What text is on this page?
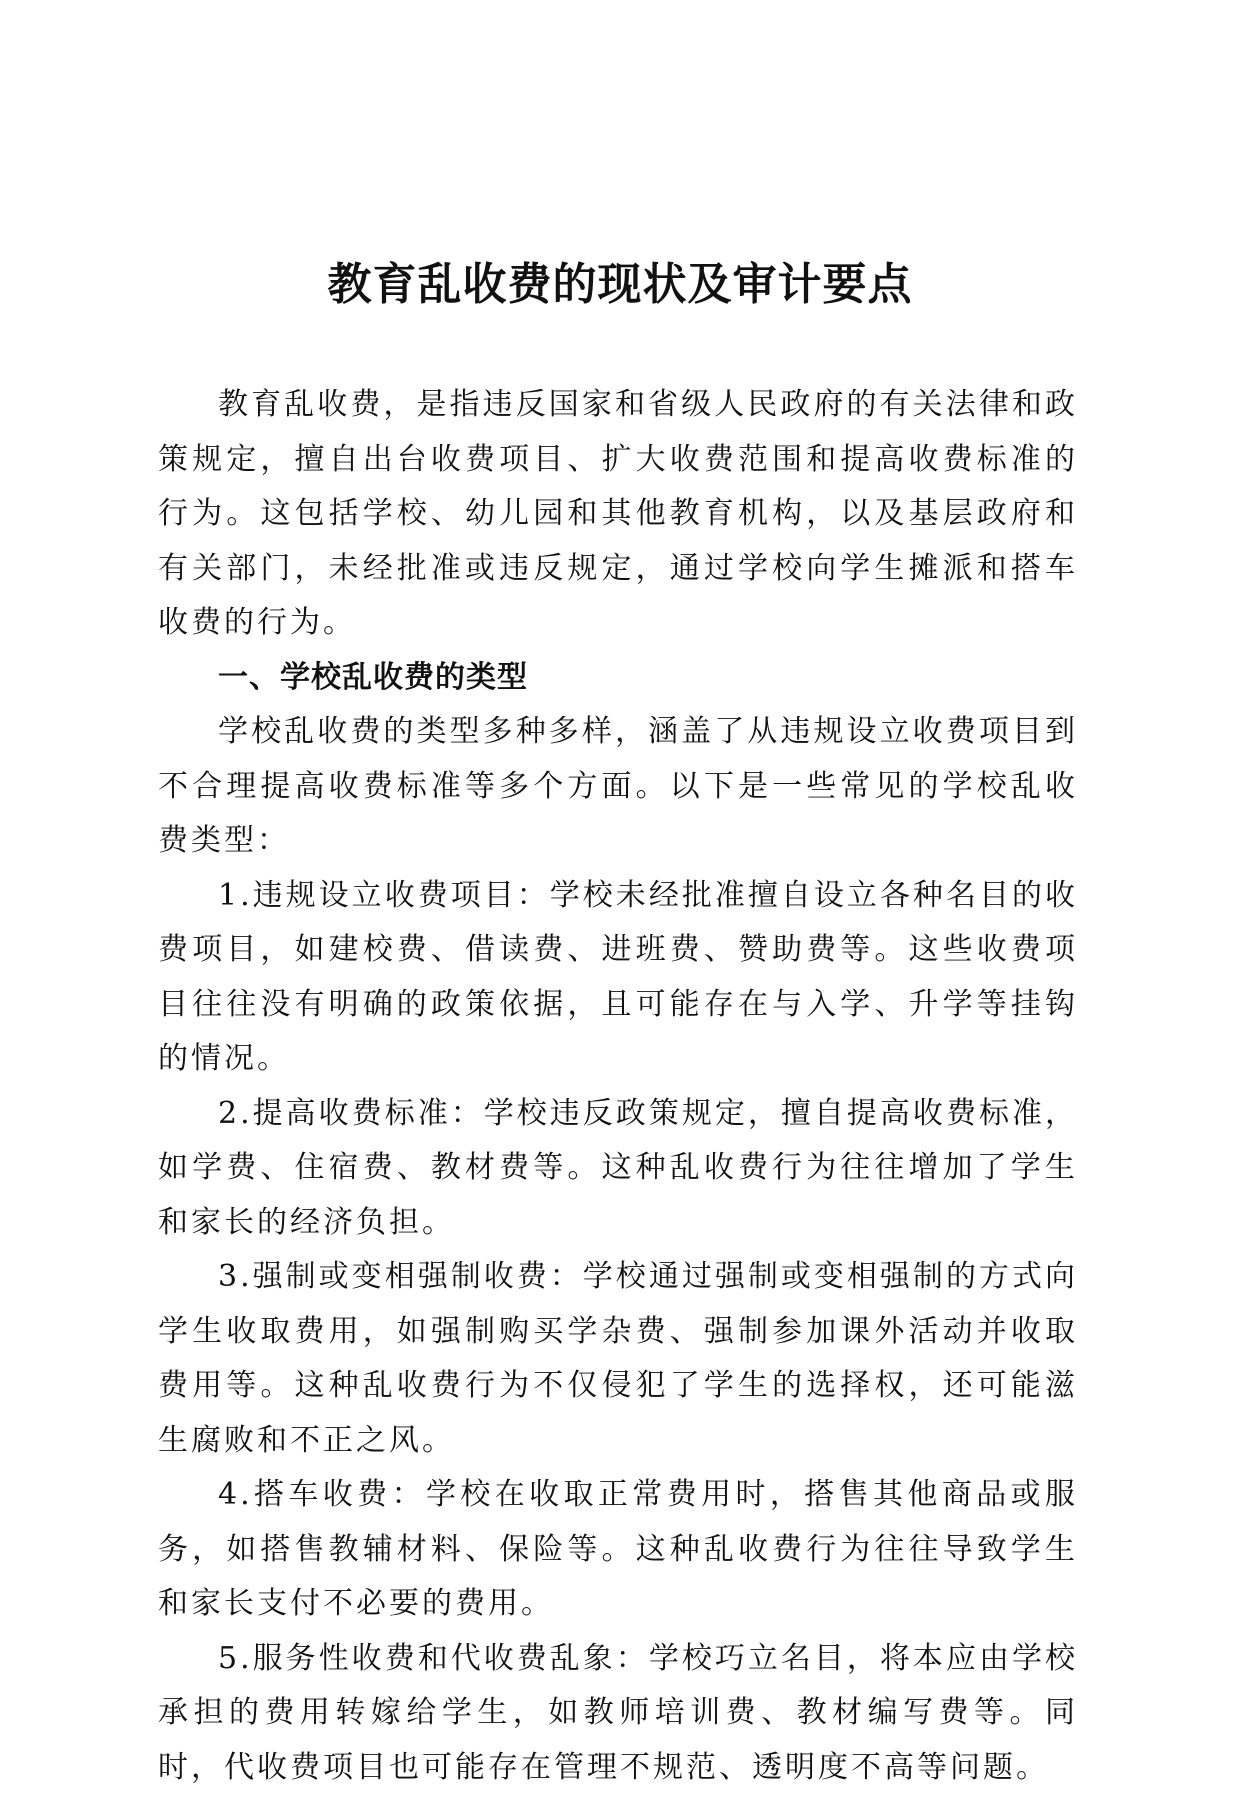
教育乱收费的现状及审计要点

教育乱收费，是指违反国家和省级人民政府的有关法律和政策规定，擅自出台收费项目、扩大收费范围和提高收费标准的行为。这包括学校、幼儿园和其他教育机构，以及基层政府和有关部门，未经批准或违反规定，通过学校向学生摊派和搭车收费的行为。

一、学校乱收费的类型

学校乱收费的类型多种多样，涵盖了从违规设立收费项目到不合理提高收费标准等多个方面。以下是一些常见的学校乱收费类型：

1.违规设立收费项目：学校未经批准擅自设立各种名目的收费项目，如建校费、借读费、进班费、赞助费等。这些收费项目往往没有明确的政策依据，且可能存在与入学、升学等挂钩的情况。

2.提高收费标准：学校违反政策规定，擅自提高收费标准，如学费、住宿费、教材费等。这种乱收费行为往往增加了学生和家长的经济负担。

3.强制或变相强制收费：学校通过强制或变相强制的方式向学生收取费用，如强制购买学杂费、强制参加课外活动并收取费用等。这种乱收费行为不仅侵犯了学生的选择权，还可能滋生腐败和不正之风。

4.搭车收费：学校在收取正常费用时，搭售其他商品或服务，如搭售教辅材料、保险等。这种乱收费行为往往导致学生和家长支付不必要的费用。

5.服务性收费和代收费乱象：学校巧立名目，将本应由学校承担的费用转嫁给学生，如教师培训费、教材编写费等。同时，代收费项目也可能存在管理不规范、透明度不高等问题。
